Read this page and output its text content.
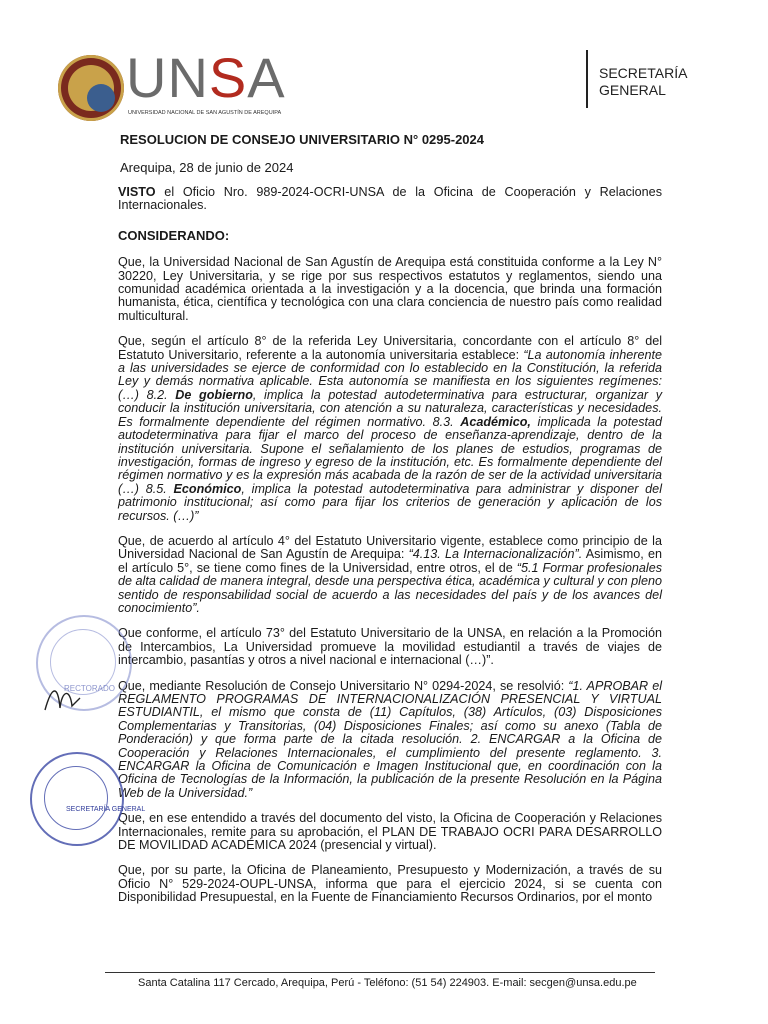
UNSA
UNIVERSIDAD NACIONAL DE SAN AGUSTÍN DE AREQUIPA
SECRETARÍA
GENERAL
RESOLUCION DE CONSEJO UNIVERSITARIO N° 0295-2024
Arequipa, 28 de junio de 2024

VISTO el Oficio Nro. 989-2024-OCRI-UNSA de la Oficina de Cooperación y Relaciones Internacionales.

CONSIDERANDO:

Que, la Universidad Nacional de San Agustín de Arequipa está constituida conforme a la Ley N° 30220, Ley Universitaria, y se rige por sus respectivos estatutos y reglamentos, siendo una comunidad académica orientada a la investigación y a la docencia, que brinda una formación humanista, ética, científica y tecnológica con una clara conciencia de nuestro país como realidad multicultural.

Que, según el artículo 8° de la referida Ley Universitaria, concordante con el artículo 8° del Estatuto Universitario, referente a la autonomía universitaria establece: “La autonomía inherente a las universidades se ejerce de conformidad con lo establecido en la Constitución, la referida Ley y demás normativa aplicable. Esta autonomía se manifiesta en los siguientes regímenes: (…) 8.2. De gobierno, implica la potestad autodeterminativa para estructurar, organizar y conducir la institución universitaria, con atención a su naturaleza, características y necesidades. Es formalmente dependiente del régimen normativo. 8.3. Académico, implicada la potestad autodeterminativa para fijar el marco del proceso de enseñanza-aprendizaje, dentro de la institución universitaria. Supone el señalamiento de los planes de estudios, programas de investigación, formas de ingreso y egreso de la institución, etc. Es formalmente dependiente del régimen normativo y es la expresión más acabada de la razón de ser de la actividad universitaria (…) 8.5. Económico, implica la potestad autodeterminativa para administrar y disponer del patrimonio institucional; así como para fijar los criterios de generación y aplicación de los recursos. (…)”

Que, de acuerdo al artículo 4° del Estatuto Universitario vigente, establece como principio de la Universidad Nacional de San Agustín de Arequipa: “4.13. La Internacionalización”. Asimismo, en el artículo 5°, se tiene como fines de la Universidad, entre otros, el de “5.1 Formar profesionales de alta calidad de manera integral, desde una perspectiva ética, académica y cultural y con pleno sentido de responsabilidad social de acuerdo a las necesidades del país y de los avances del conocimiento”.

Que conforme, el artículo 73° del Estatuto Universitario de la UNSA, en relación a la Promoción de Intercambios, La Universidad promueve la movilidad estudiantil a través de viajes de intercambio, pasantías y otros a nivel nacional e internacional (…)”.

Que, mediante Resolución de Consejo Universitario N° 0294-2024, se resolvió: “1. APROBAR el REGLAMENTO PROGRAMAS DE INTERNACIONALIZACIÓN PRESENCIAL Y VIRTUAL ESTUDIANTIL, el mismo que consta de (11) Capítulos, (38) Artículos, (03) Disposiciones Complementarias y Transitorias, (04) Disposiciones Finales; así como su anexo (Tabla de Ponderación) y que forma parte de la citada resolución. 2. ENCARGAR a la Oficina de Cooperación y Relaciones Internacionales, el cumplimiento del presente reglamento. 3. ENCARGAR la Oficina de Comunicación e Imagen Institucional que, en coordinación con la Oficina de Tecnologías de la Información, la publicación de la presente Resolución en la Página Web de la Universidad.”

Que, en ese entendido a través del documento del visto, la Oficina de Cooperación y Relaciones Internacionales, remite para su aprobación, el PLAN DE TRABAJO OCRI PARA DESARROLLO DE MOVILIDAD ACADÉMICA 2024 (presencial y virtual).

Que, por su parte, la Oficina de Planeamiento, Presupuesto y Modernización, a través de su Oficio N° 529-2024-OUPL-UNSA, informa que para el ejercicio 2024, si se cuenta con Disponibilidad Presupuestal, en la Fuente de Financiamiento Recursos Ordinarios, por el monto

RECTORADO
SECRETARÍA GENERAL
Santa Catalina 117 Cercado, Arequipa, Perú - Teléfono: (51 54) 224903. E-mail: secgen@unsa.edu.pe
